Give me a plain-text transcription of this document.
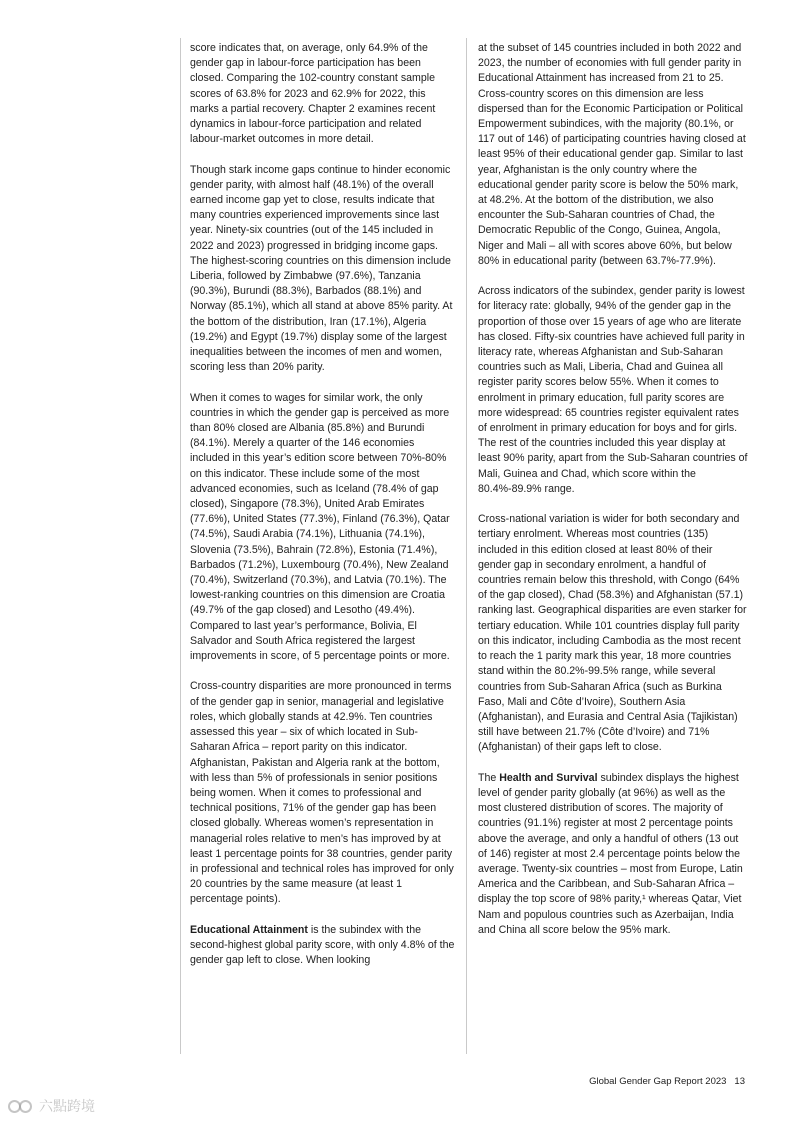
score indicates that, on average, only 64.9% of the gender gap in labour-force participation has been closed. Comparing the 102-country constant sample scores of 63.8% for 2023 and 62.9% for 2022, this marks a partial recovery. Chapter 2 examines recent dynamics in labour-force participation and related labour-market outcomes in more detail.

Though stark income gaps continue to hinder economic gender parity, with almost half (48.1%) of the overall earned income gap yet to close, results indicate that many countries experienced improvements since last year. Ninety-six countries (out of the 145 included in 2022 and 2023) progressed in bridging income gaps. The highest-scoring countries on this dimension include Liberia, followed by Zimbabwe (97.6%), Tanzania (90.3%), Burundi (88.3%), Barbados (88.1%) and Norway (85.1%), which all stand at above 85% parity. At the bottom of the distribution, Iran (17.1%), Algeria (19.2%) and Egypt (19.7%) display some of the largest inequalities between the incomes of men and women, scoring less than 20% parity.

When it comes to wages for similar work, the only countries in which the gender gap is perceived as more than 80% closed are Albania (85.8%) and Burundi (84.1%). Merely a quarter of the 146 economies included in this year’s edition score between 70%-80% on this indicator. These include some of the most advanced economies, such as Iceland (78.4% of gap closed), Singapore (78.3%), United Arab Emirates (77.6%), United States (77.3%), Finland (76.3%), Qatar (74.5%), Saudi Arabia (74.1%), Lithuania (74.1%), Slovenia (73.5%), Bahrain (72.8%), Estonia (71.4%), Barbados (71.2%), Luxembourg (70.4%), New Zealand (70.4%), Switzerland (70.3%), and Latvia (70.1%). The lowest-ranking countries on this dimension are Croatia (49.7% of the gap closed) and Lesotho (49.4%). Compared to last year’s performance, Bolivia, El Salvador and South Africa registered the largest improvements in score, of 5 percentage points or more.

Cross-country disparities are more pronounced in terms of the gender gap in senior, managerial and legislative roles, which globally stands at 42.9%. Ten countries assessed this year – six of which located in Sub-Saharan Africa – report parity on this indicator. Afghanistan, Pakistan and Algeria rank at the bottom, with less than 5% of professionals in senior positions being women. When it comes to professional and technical positions, 71% of the gender gap has been closed globally. Whereas women’s representation in managerial roles relative to men’s has improved by at least 1 percentage points for 38 countries, gender parity in professional and technical roles has improved for only 20 countries by the same measure (at least 1 percentage points).

Educational Attainment is the subindex with the second-highest global parity score, with only 4.8% of the gender gap left to close. When looking

at the subset of 145 countries included in both 2022 and 2023, the number of economies with full gender parity in Educational Attainment has increased from 21 to 25. Cross-country scores on this dimension are less dispersed than for the Economic Participation or Political Empowerment subindices, with the majority (80.1%, or 117 out of 146) of participating countries having closed at least 95% of their educational gender gap. Similar to last year, Afghanistan is the only country where the educational gender parity score is below the 50% mark, at 48.2%. At the bottom of the distribution, we also encounter the Sub-Saharan countries of Chad, the Democratic Republic of the Congo, Guinea, Angola, Niger and Mali – all with scores above 60%, but below 80% in educational parity (between 63.7%-77.9%).

Across indicators of the subindex, gender parity is lowest for literacy rate: globally, 94% of the gender gap in the proportion of those over 15 years of age who are literate has closed. Fifty-six countries have achieved full parity in literacy rate, whereas Afghanistan and Sub-Saharan countries such as Mali, Liberia, Chad and Guinea all register parity scores below 55%. When it comes to enrolment in primary education, full parity scores are more widespread: 65 countries register equivalent rates of enrolment in primary education for boys and for girls. The rest of the countries included this year display at least 90% parity, apart from the Sub-Saharan countries of Mali, Guinea and Chad, which score within the 80.4%-89.9% range.

Cross-national variation is wider for both secondary and tertiary enrolment. Whereas most countries (135) included in this edition closed at least 80% of their gender gap in secondary enrolment, a handful of countries remain below this threshold, with Congo (64% of the gap closed), Chad (58.3%) and Afghanistan (57.1) ranking last. Geographical disparities are even starker for tertiary education. While 101 countries display full parity on this indicator, including Cambodia as the most recent to reach the 1 parity mark this year, 18 more countries stand within the 80.2%-99.5% range, while several countries from Sub-Saharan Africa (such as Burkina Faso, Mali and Côte d’Ivoire), Southern Asia (Afghanistan), and Eurasia and Central Asia (Tajikistan) still have between 21.7% (Côte d’Ivoire) and 71% (Afghanistan) of their gaps left to close.

The Health and Survival subindex displays the highest level of gender parity globally (at 96%) as well as the most clustered distribution of scores. The majority of countries (91.1%) register at most 2 percentage points above the average, and only a handful of others (13 out of 146) register at most 2.4 percentage points below the average. Twenty-six countries – most from Europe, Latin America and the Caribbean, and Sub-Saharan Africa – display the top score of 98% parity,¹ whereas Qatar, Viet Nam and populous countries such as Azerbaijan, India and China all score below the 95% mark.

Global Gender Gap Report 2023 13
六點跨境
